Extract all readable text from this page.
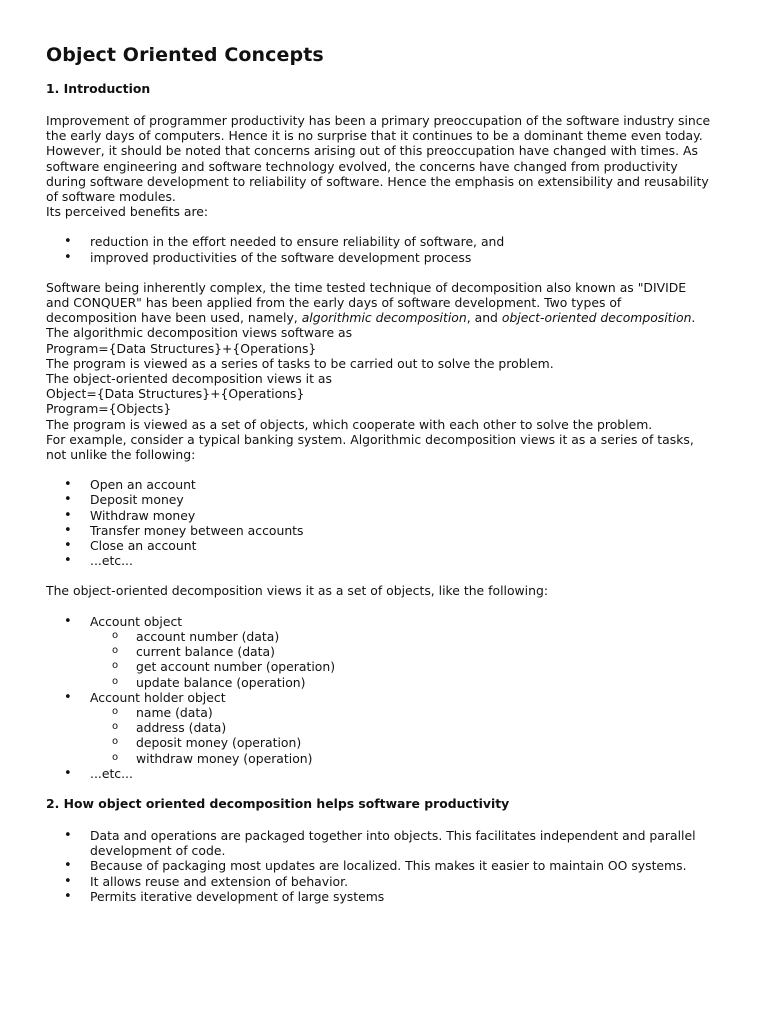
Object Oriented Concepts
1. Introduction

Improvement of programmer productivity has been a primary preoccupation of the software industry since
the early days of computers. Hence it is no surprise that it continues to be a dominant theme even today.
However, it should be noted that concerns arising out of this preoccupation have changed with times. As
software engineering and software technology evolved, the concerns have changed from productivity
during software development to reliability of software. Hence the emphasis on extensibility and reusability
of software modules.
Its perceived benefits are:

• reduction in the effort needed to ensure reliability of software, and
• improved productivities of the software development process

Software being inherently complex, the time tested technique of decomposition also known as "DIVIDE
and CONQUER" has been applied from the early days of software development. Two types of
decomposition have been used, namely, algorithmic decomposition, and object-oriented decomposition.
The algorithmic decomposition views software as
Program={Data Structures}+{Operations}
The program is viewed as a series of tasks to be carried out to solve the problem.
The object-oriented decomposition views it as
Object={Data Structures}+{Operations}
Program={Objects}
The program is viewed as a set of objects, which cooperate with each other to solve the problem.
For example, consider a typical banking system. Algorithmic decomposition views it as a series of tasks,
not unlike the following:

• Open an account
• Deposit money
• Withdraw money
• Transfer money between accounts
• Close an account
• ...etc...

The object-oriented decomposition views it as a set of objects, like the following:

• Account object
o account number (data)
o current balance (data)
o get account number (operation)
o update balance (operation)
• Account holder object
o name (data)
o address (data)
o deposit money (operation)
o withdraw money (operation)
• ...etc...
2. How object oriented decomposition helps software productivity
• Data and operations are packaged together into objects. This facilitates independent and parallel
development of code.
• Because of packaging most updates are localized. This makes it easier to maintain OO systems.
• It allows reuse and extension of behavior.
• Permits iterative development of large systems
